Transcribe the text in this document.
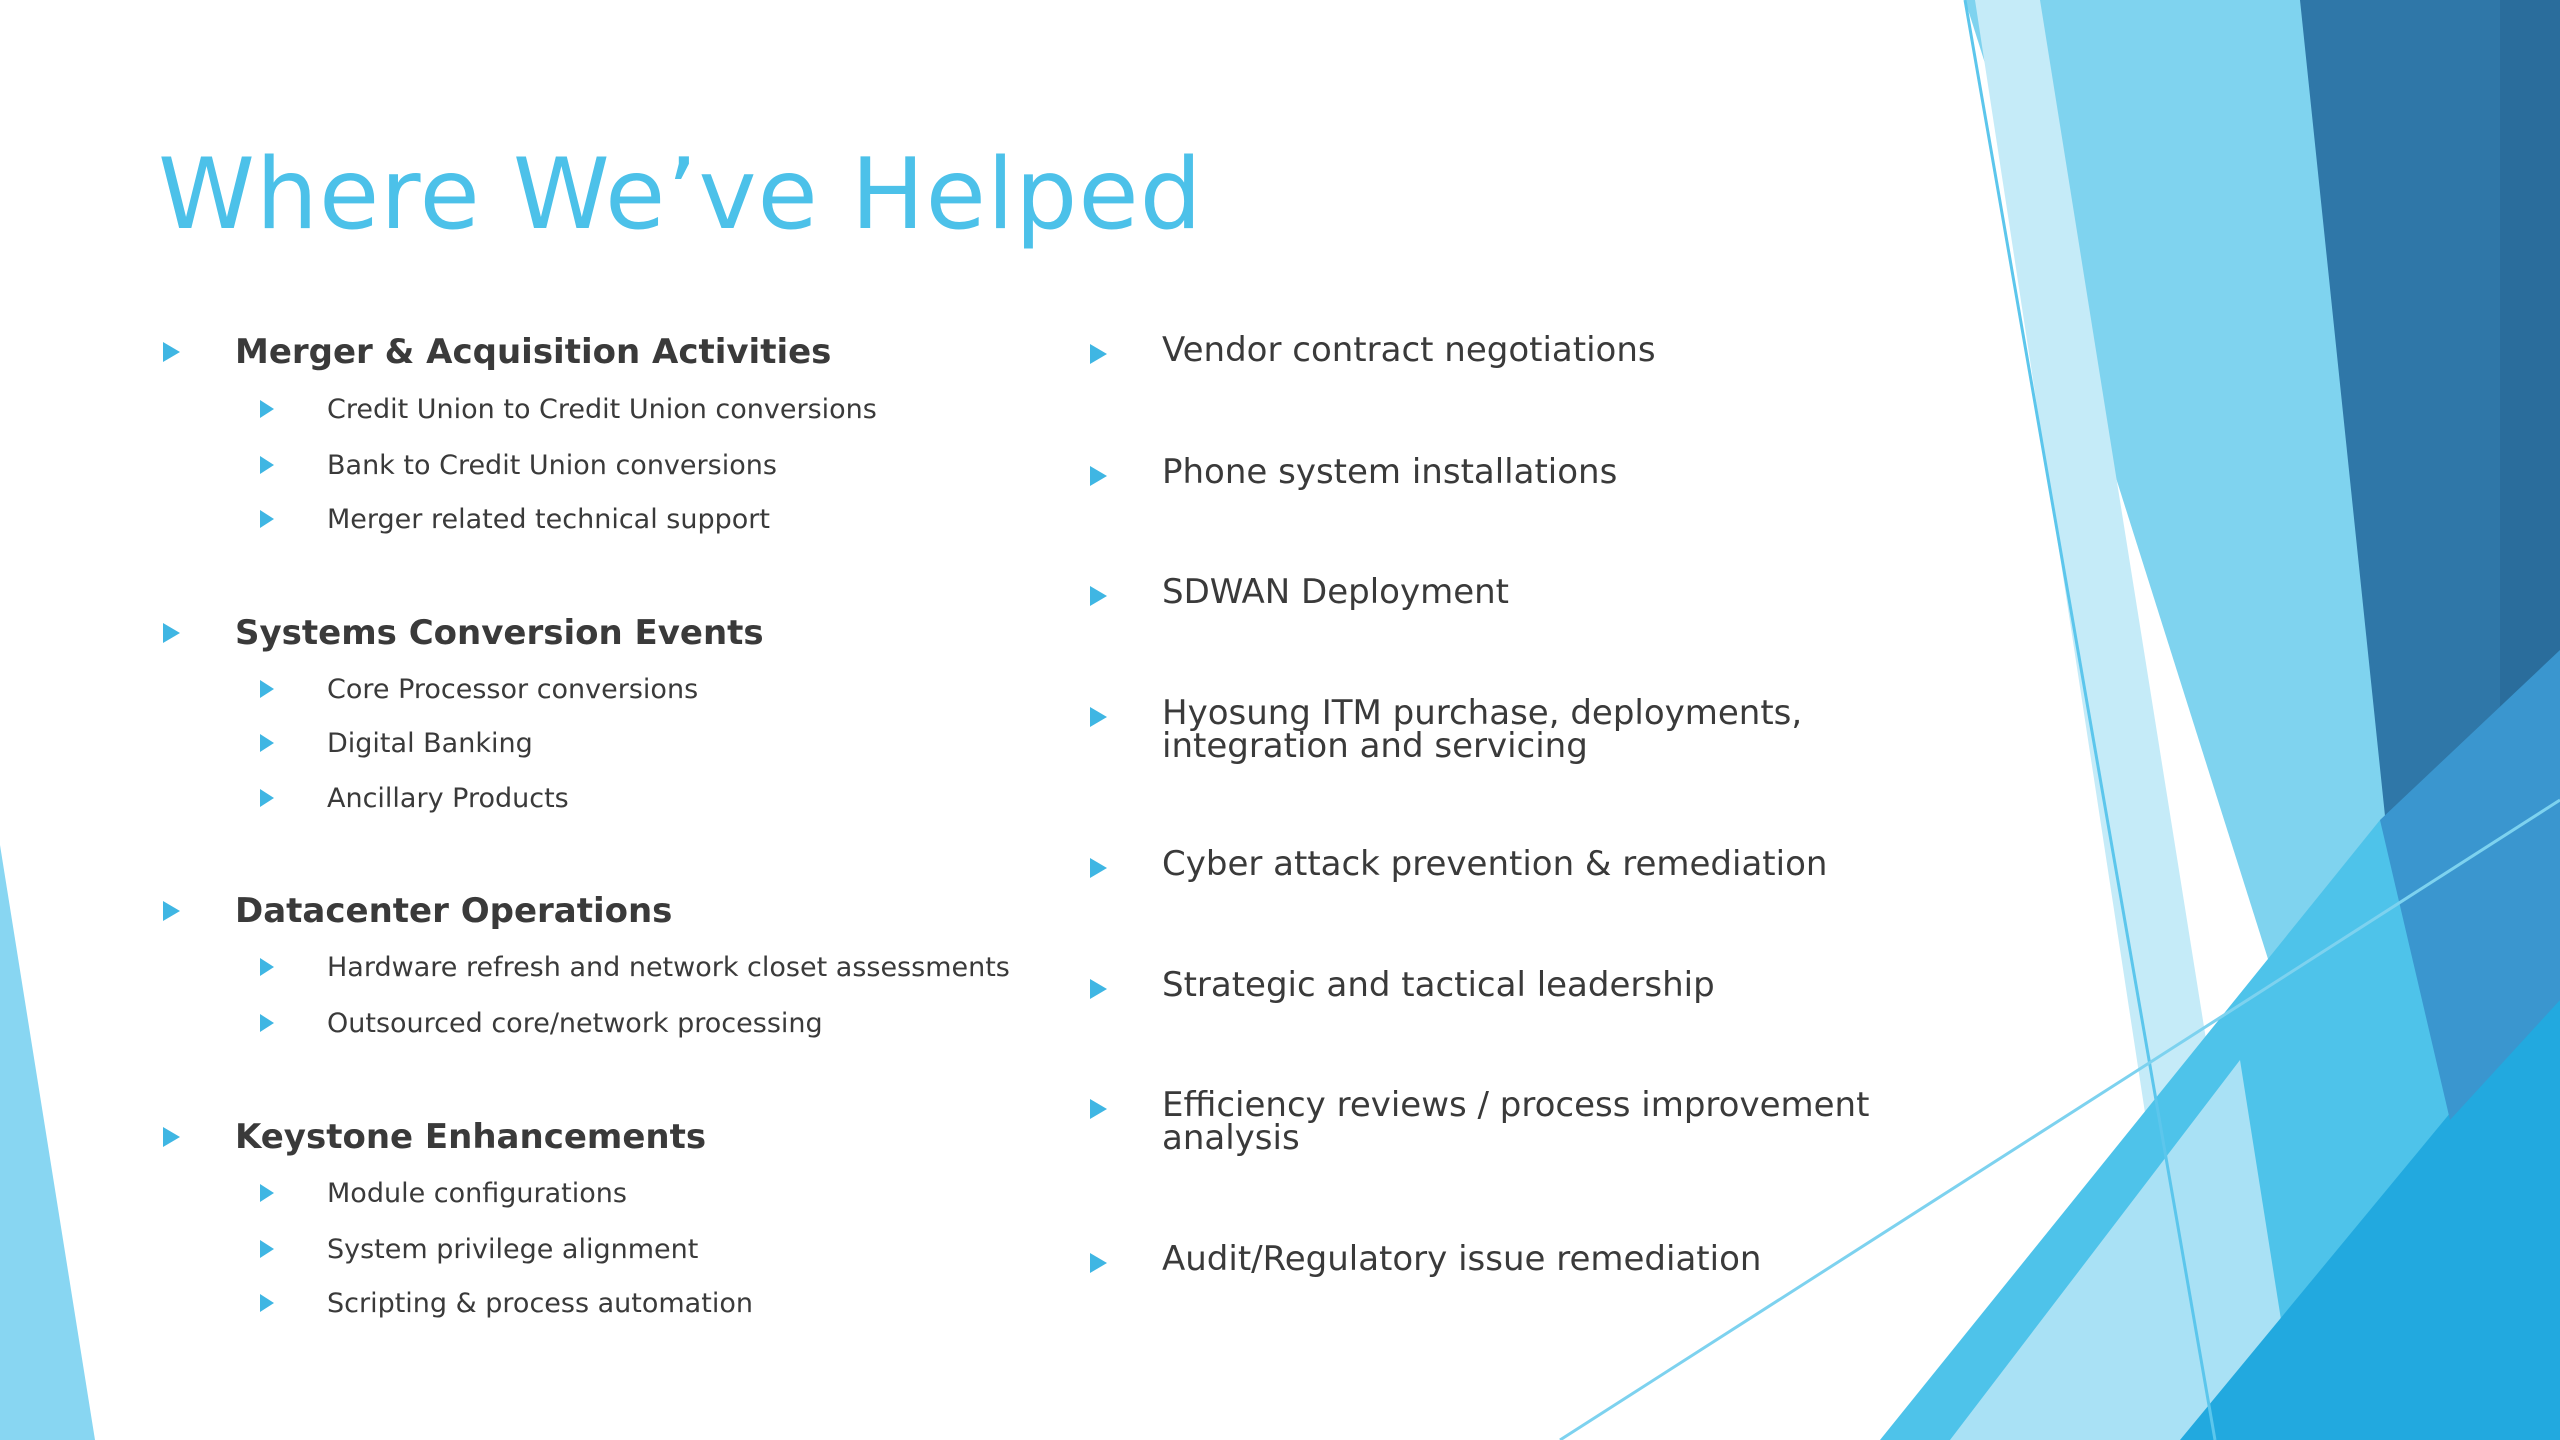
Where We’ve Helped
Merger & Acquisition Activities
Credit Union to Credit Union conversions
Bank to Credit Union conversions
Merger related technical support
Systems Conversion Events
Core Processor conversions
Digital Banking
Ancillary Products
Datacenter Operations
Hardware refresh and network closet assessments
Outsourced core/network processing
Keystone Enhancements
Module configurations
System privilege alignment
Scripting & process automation
Vendor contract negotiations
Phone system installations
SDWAN Deployment
Hyosung ITM purchase, deployments, integration and servicing
Cyber attack prevention & remediation
Strategic and tactical leadership
Efficiency reviews / process improvement analysis
Audit/Regulatory issue remediation
